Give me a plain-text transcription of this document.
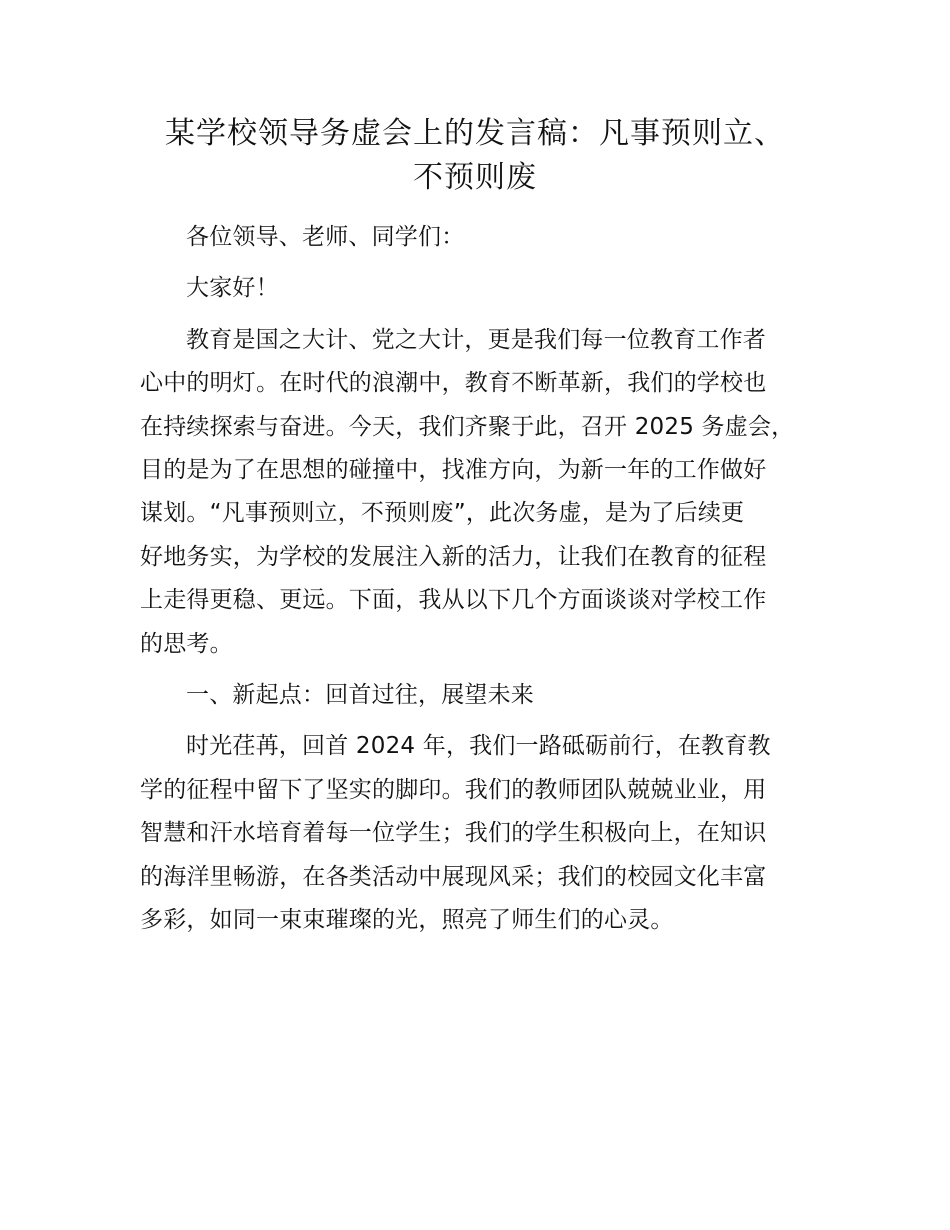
某学校领导务虚会上的发言稿：凡事预则立、
不预则废

各位领导、老师、同学们：

大家好！

教育是国之大计、党之大计，更是我们每一位教育工作者
心中的明灯。在时代的浪潮中，教育不断革新，我们的学校也
在持续探索与奋进。今天，我们齐聚于此，召开 2025 务虚会，
目的是为了在思想的碰撞中，找准方向，为新一年的工作做好
谋划。“凡事预则立，不预则废”，此次务虚，是为了后续更
好地务实，为学校的发展注入新的活力，让我们在教育的征程
上走得更稳、更远。下面，我从以下几个方面谈谈对学校工作
的思考。

一、新起点：回首过往，展望未来

时光荏苒，回首 2024 年，我们一路砥砺前行，在教育教
学的征程中留下了坚实的脚印。我们的教师团队兢兢业业，用
智慧和汗水培育着每一位学生；我们的学生积极向上，在知识
的海洋里畅游，在各类活动中展现风采；我们的校园文化丰富
多彩，如同一束束璀璨的光，照亮了师生们的心灵。
